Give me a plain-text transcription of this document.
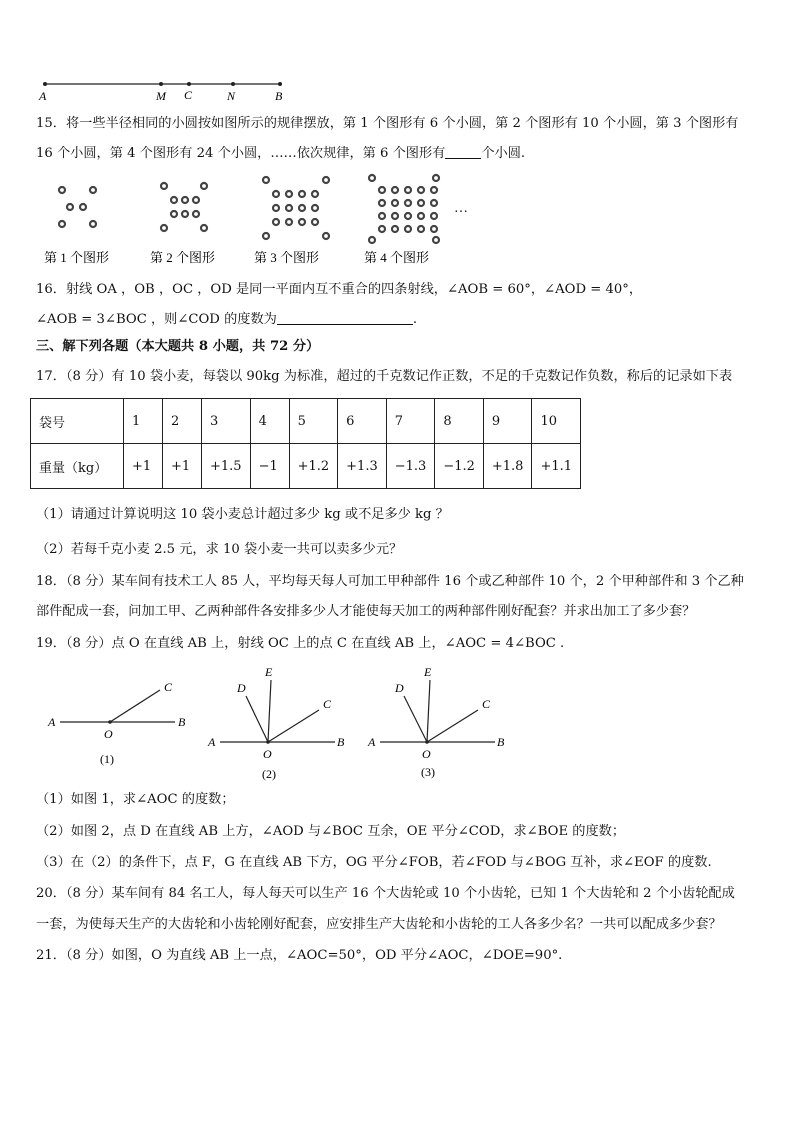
A	M C	N	B
15．将一些半径相同的小圆按如图所示的规律摆放，第 1 个图形有 6 个小圆，第 2 个图形有 10 个小圆，第 3 个图形有
16 个小圆，第 4 个图形有 24 个小圆，……依次规律，第 6 个图形有	个小圆.
…
第 1 个图形	第 2 个图形	第 3 个图形	第 4 个图形
16．射线 OA ，OB ，OC ，OD 是同一平面内互不重合的四条射线，∠AOB = 60°，∠AOD = 40°，
∠AOB = 3∠BOC ，则∠COD 的度数为	.
三、解下列各题（本大题共 8 小题，共 72 分）
17．（8 分）有 10 袋小麦，每袋以 90kg 为标准，超过的千克数记作正数，不足的千克数记作负数，称后的记录如下表
袋号	1	2	3	4	5	6	7	8	9	10
重量（kg）	+1	+1	+1.5	−1	+1.2	+1.3	−1.3	−1.2	+1.8	+1.1
（1）请通过计算说明这 10 袋小麦总计超过多少 kg 或不足多少 kg ？
（2）若每千克小麦 2.5 元，求 10 袋小麦一共可以卖多少元？
18．（8 分）某车间有技术工人 85 人，平均每天每人可加工甲种部件 16 个或乙种部件 10 个，2 个甲种部件和 3 个乙种
部件配成一套，问加工甲、乙两种部件各安排多少人才能使每天加工的两种部件刚好配套？并求出加工了多少套？
19．（8 分）点 O 在直线 AB 上，射线 OC 上的点 C 在直线 AB 上，∠AOC = 4∠BOC .
A
O
B
C
A
O
B
C
D
E
A
O
B
C
D
E
(1)
(2)	(3)
（1）如图 1，求∠AOC 的度数；
（2）如图 2，点 D 在直线 AB 上方，∠AOD 与∠BOC 互余，OE 平分∠COD，求∠BOE 的度数；
（3）在（2）的条件下，点 F，G 在直线 AB 下方，OG 平分∠FOB，若∠FOD 与∠BOG 互补，求∠EOF 的度数.
20．（8 分）某车间有 84 名工人，每人每天可以生产 16 个大齿轮或 10 个小齿轮，已知 1 个大齿轮和 2 个小齿轮配成
一套，为使每天生产的大齿轮和小齿轮刚好配套，应安排生产大齿轮和小齿轮的工人各多少名？一共可以配成多少套？
21．（8 分）如图，O 为直线 AB 上一点，∠AOC=50°，OD 平分∠AOC，∠DOE=90°.
